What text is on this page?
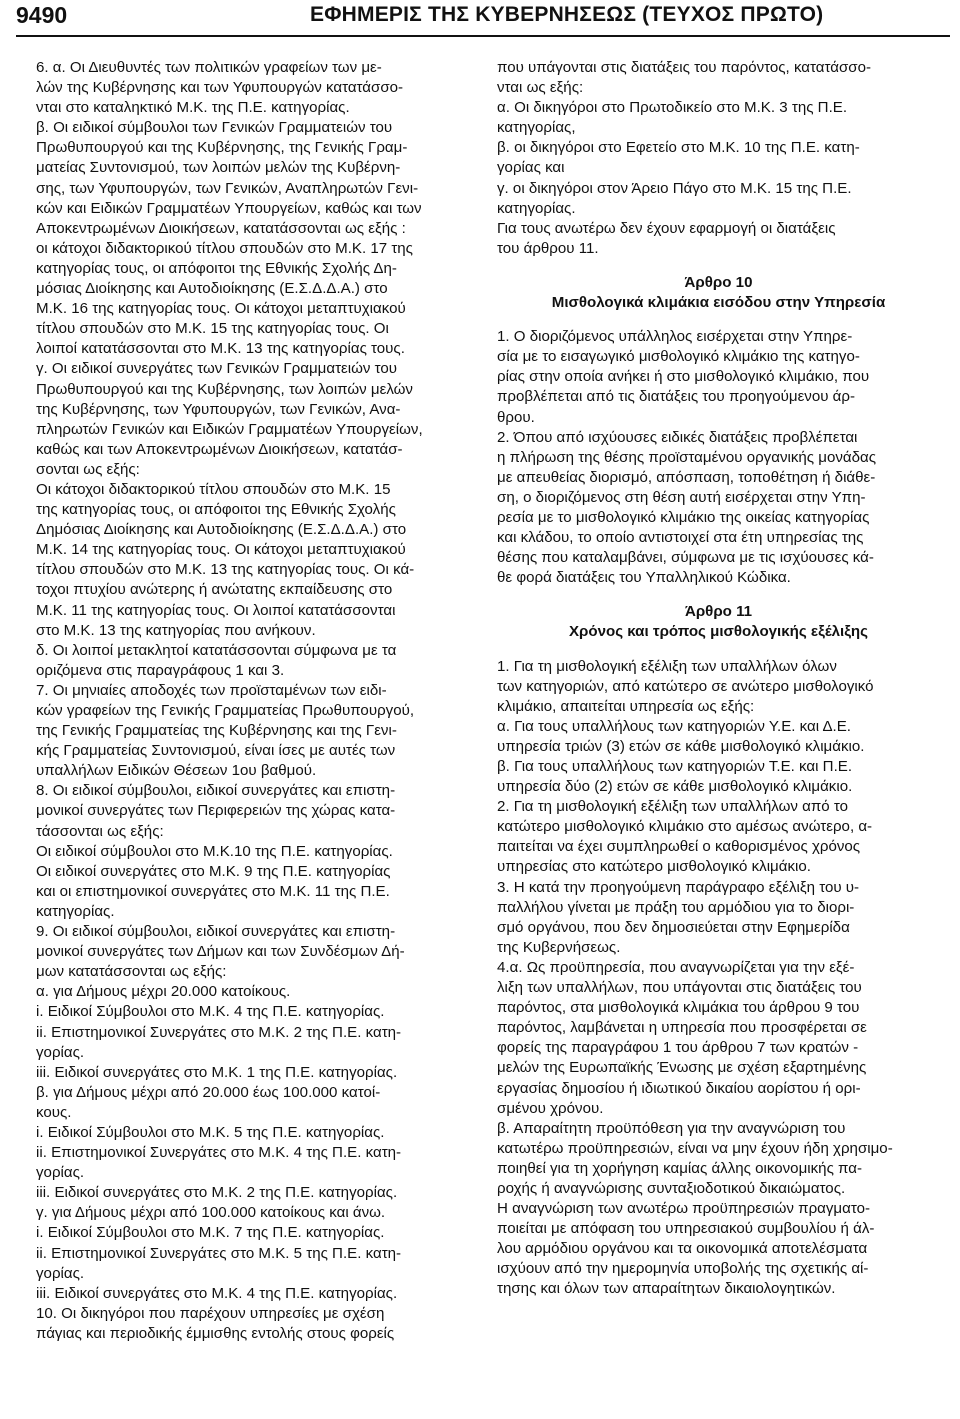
9490	ΕΦΗΜΕΡΙΣ ΤΗΣ ΚΥΒΕΡΝΗΣΕΩΣ (ΤΕΥΧΟΣ ΠΡΩΤΟ)
6. α. Οι Διευθυντές των πολιτικών γραφείων των με-
λών της Κυβέρνησης και των Υφυπουργών κατατάσσο-
νται στο καταληκτικό Μ.Κ. της Π.Ε. κατηγορίας.
β. Οι ειδικοί σύμβουλοι των Γενικών Γραμματειών του
Πρωθυπουργού και της Κυβέρνησης, της Γενικής Γραμ-
ματείας Συντονισμού, των λοιπών μελών της Κυβέρνη-
σης, των Υφυπουργών, των Γενικών, Αναπληρωτών Γενι-
κών και Ειδικών Γραμματέων Υπουργείων, καθώς και των
Αποκεντρωμένων Διοικήσεων, κατατάσσονται ως εξής :
οι κάτοχοι διδακτορικού τίτλου σπουδών στο Μ.Κ. 17 της
κατηγορίας τους, οι απόφοιτοι της Εθνικής Σχολής Δη-
μόσιας Διοίκησης και Αυτοδιοίκησης (Ε.Σ.Δ.Δ.Α.) στο
Μ.Κ. 16 της κατηγορίας τους. Οι κάτοχοι μεταπτυχιακού
τίτλου σπουδών στο Μ.Κ. 15 της κατηγορίας τους. Οι
λοιποί κατατάσσονται στο Μ.Κ. 13 της κατηγορίας τους.
γ. Οι ειδικοί συνεργάτες των Γενικών Γραμματειών του
Πρωθυπουργού και της Κυβέρνησης, των λοιπών μελών
της Κυβέρνησης, των Υφυπουργών, των Γενικών, Ανα-
πληρωτών Γενικών και Ειδικών Γραμματέων Υπουργείων,
καθώς και των Αποκεντρωμένων Διοικήσεων, κατατάσ-
σονται ως εξής:
Οι κάτοχοι διδακτορικού τίτλου σπουδών στο Μ.Κ. 15
της κατηγορίας τους, οι απόφοιτοι της Εθνικής Σχολής
Δημόσιας Διοίκησης και Αυτοδιοίκησης (Ε.Σ.Δ.Δ.Α.) στο
Μ.Κ. 14 της κατηγορίας τους. Οι κάτοχοι μεταπτυχιακού
τίτλου σπουδών στο Μ.Κ. 13 της κατηγορίας τους. Οι κά-
τοχοι πτυχίου ανώτερης ή ανώτατης εκπαίδευσης στο
Μ.Κ. 11 της κατηγορίας τους. Οι λοιποί κατατάσσονται
στο Μ.Κ. 13 της κατηγορίας που ανήκουν.
δ. Οι λοιποί μετακλητοί κατατάσσονται σύμφωνα με τα
οριζόμενα στις παραγράφους 1 και 3.
7. Οι μηνιαίες αποδοχές των προϊσταμένων των ειδι-
κών γραφείων της Γενικής Γραμματείας Πρωθυπουργού,
της Γενικής Γραμματείας της Κυβέρνησης και της Γενι-
κής Γραμματείας Συντονισμού, είναι ίσες με αυτές των
υπαλλήλων Ειδικών Θέσεων 1ου βαθμού.
8. Οι ειδικοί σύμβουλοι, ειδικοί συνεργάτες και επιστη-
μονικοί συνεργάτες των Περιφερειών της χώρας κατα-
τάσσονται ως εξής:
Οι ειδικοί σύμβουλοι στο Μ.Κ.10 της Π.Ε. κατηγορίας.
Οι ειδικοί συνεργάτες στο Μ.Κ. 9 της Π.Ε. κατηγορίας
και οι επιστημονικοί συνεργάτες στο Μ.Κ. 11 της Π.Ε.
κατηγορίας.
9. Οι ειδικοί σύμβουλοι, ειδικοί συνεργάτες και επιστη-
μονικοί συνεργάτες των Δήμων και των Συνδέσμων Δή-
μων κατατάσσονται ως εξής:
α. για Δήμους μέχρι 20.000 κατοίκους.
i. Ειδικοί Σύμβουλοι στο Μ.Κ. 4 της Π.Ε. κατηγορίας.
ii. Επιστημονικοί Συνεργάτες στο Μ.Κ. 2 της Π.Ε. κατη-
γορίας.
iii. Ειδικοί συνεργάτες στο Μ.Κ. 1 της Π.Ε. κατηγορίας.
β. για Δήμους μέχρι από 20.000 έως 100.000 κατοί-
κους.
i. Ειδικοί Σύμβουλοι στο Μ.Κ. 5 της Π.Ε. κατηγορίας.
ii. Επιστημονικοί Συνεργάτες στο Μ.Κ. 4 της Π.Ε. κατη-
γορίας.
iii. Ειδικοί συνεργάτες στο Μ.Κ. 2 της Π.Ε. κατηγορίας.
γ. για Δήμους μέχρι από 100.000 κατοίκους και άνω.
i. Ειδικοί Σύμβουλοι στο Μ.Κ. 7 της Π.Ε. κατηγορίας.
ii. Επιστημονικοί Συνεργάτες στο Μ.Κ. 5 της Π.Ε. κατη-
γορίας.
iii. Ειδικοί συνεργάτες στο Μ.Κ. 4 της Π.Ε. κατηγορίας.
10. Οι δικηγόροι που παρέχουν υπηρεσίες με σχέση
πάγιας και περιοδικής έμμισθης εντολής στους φορείς
που υπάγονται στις διατάξεις του παρόντος, κατατάσσο-
νται ως εξής:
α. Οι δικηγόροι στο Πρωτοδικείο στο Μ.Κ. 3 της Π.Ε.
κατηγορίας,
β. οι δικηγόροι στο Εφετείο στο Μ.Κ. 10 της Π.Ε. κατη-
γορίας και
γ. οι δικηγόροι στον Άρειο Πάγο στο Μ.Κ. 15 της Π.Ε.
κατηγορίας.
Για τους ανωτέρω δεν έχουν εφαρμογή οι διατάξεις
του άρθρου 11.
Άρθρο 10
Μισθολογικά κλιμάκια εισόδου στην Υπηρεσία
1. Ο διοριζόμενος υπάλληλος εισέρχεται στην Υπηρε-
σία με το εισαγωγικό μισθολογικό κλιμάκιο της κατηγο-
ρίας στην οποία ανήκει ή στο μισθολογικό κλιμάκιο, που
προβλέπεται από τις διατάξεις του προηγούμενου άρ-
θρου.
2. Όπου από ισχύουσες ειδικές διατάξεις προβλέπεται
η πλήρωση της θέσης προϊσταμένου οργανικής μονάδας
με απευθείας διορισμό, απόσπαση, τοποθέτηση ή διάθε-
ση, ο διοριζόμενος στη θέση αυτή εισέρχεται στην Υπη-
ρεσία με το μισθολογικό κλιμάκιο της οικείας κατηγορίας
και κλάδου, το οποίο αντιστοιχεί στα έτη υπηρεσίας της
θέσης που καταλαμβάνει, σύμφωνα με τις ισχύουσες κά-
θε φορά διατάξεις του Υπαλληλικού Κώδικα.
Άρθρο 11
Χρόνος και τρόπος μισθολογικής εξέλιξης
1. Για τη μισθολογική εξέλιξη των υπαλλήλων όλων
των κατηγοριών, από κατώτερο σε ανώτερο μισθολογικό
κλιμάκιο, απαιτείται υπηρεσία ως εξής:
α. Για τους υπαλλήλους των κατηγοριών Υ.Ε. και Δ.Ε.
υπηρεσία τριών (3) ετών σε κάθε μισθολογικό κλιμάκιο.
β. Για τους υπαλλήλους των κατηγοριών Τ.Ε. και Π.Ε.
υπηρεσία δύο (2) ετών σε κάθε μισθολογικό κλιμάκιο.
2. Για τη μισθολογική εξέλιξη των υπαλλήλων από το
κατώτερο μισθολογικό κλιμάκιο στο αμέσως ανώτερο, α-
παιτείται να έχει συμπληρωθεί ο καθορισμένος χρόνος
υπηρεσίας στο κατώτερο μισθολογικό κλιμάκιο.
3. Η κατά την προηγούμενη παράγραφο εξέλιξη του υ-
παλλήλου γίνεται με πράξη του αρμόδιου για το διορι-
σμό οργάνου, που δεν δημοσιεύεται στην Εφημερίδα
της Κυβερνήσεως.
4.α. Ως προϋπηρεσία, που αναγνωρίζεται για την εξέ-
λιξη των υπαλλήλων, που υπάγονται στις διατάξεις του
παρόντος, στα μισθολογικά κλιμάκια του άρθρου 9 του
παρόντος, λαμβάνεται η υπηρεσία που προσφέρεται σε
φορείς της παραγράφου 1 του άρθρου 7 των κρατών -
μελών της Ευρωπαϊκής Ένωσης με σχέση εξαρτημένης
εργασίας δημοσίου ή ιδιωτικού δικαίου αορίστου ή ορι-
σμένου χρόνου.
β. Απαραίτητη προϋπόθεση για την αναγνώριση του
κατωτέρω προϋπηρεσιών, είναι να μην έχουν ήδη χρησιμο-
ποιηθεί για τη χορήγηση καμίας άλλης οικονομικής πα-
ροχής ή αναγνώρισης συνταξιοδοτικού δικαιώματος.
Η αναγνώριση των ανωτέρω προϋπηρεσιών πραγματο-
ποιείται με απόφαση του υπηρεσιακού συμβουλίου ή άλ-
λου αρμόδιου οργάνου και τα οικονομικά αποτελέσματα
ισχύουν από την ημερομηνία υποβολής της σχετικής αί-
τησης και όλων των απαραίτητων δικαιολογητικών.
